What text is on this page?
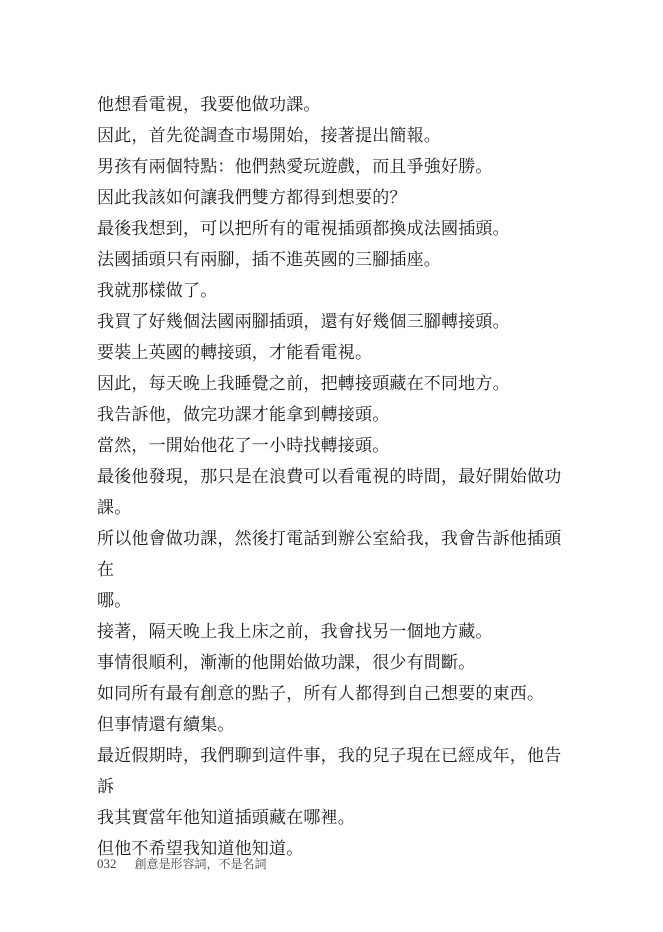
他想看電視，我要他做功課。

因此，首先從調查市場開始，接著提出簡報。

男孩有兩個特點：他們熱愛玩遊戲，而且爭強好勝。

因此我該如何讓我們雙方都得到想要的？

最後我想到，可以把所有的電視插頭都換成法國插頭。

法國插頭只有兩腳，插不進英國的三腳插座。

我就那樣做了。

我買了好幾個法國兩腳插頭，還有好幾個三腳轉接頭。

要裝上英國的轉接頭，才能看電視。

因此，每天晚上我睡覺之前，把轉接頭藏在不同地方。

我告訴他，做完功課才能拿到轉接頭。

當然，一開始他花了一小時找轉接頭。

最後他發現，那只是在浪費可以看電視的時間，最好開始做功
課。

所以他會做功課，然後打電話到辦公室給我，我會告訴他插頭在
哪。

接著，隔天晚上我上床之前，我會找另一個地方藏。

事情很順利，漸漸的他開始做功課，很少有間斷。

如同所有最有創意的點子，所有人都得到自己想要的東西。

但事情還有續集。

最近假期時，我們聊到這件事，我的兒子現在已經成年，他告訴
我其實當年他知道插頭藏在哪裡。

但他不希望我知道他知道。

032 創意是形容詞，不是名詞
